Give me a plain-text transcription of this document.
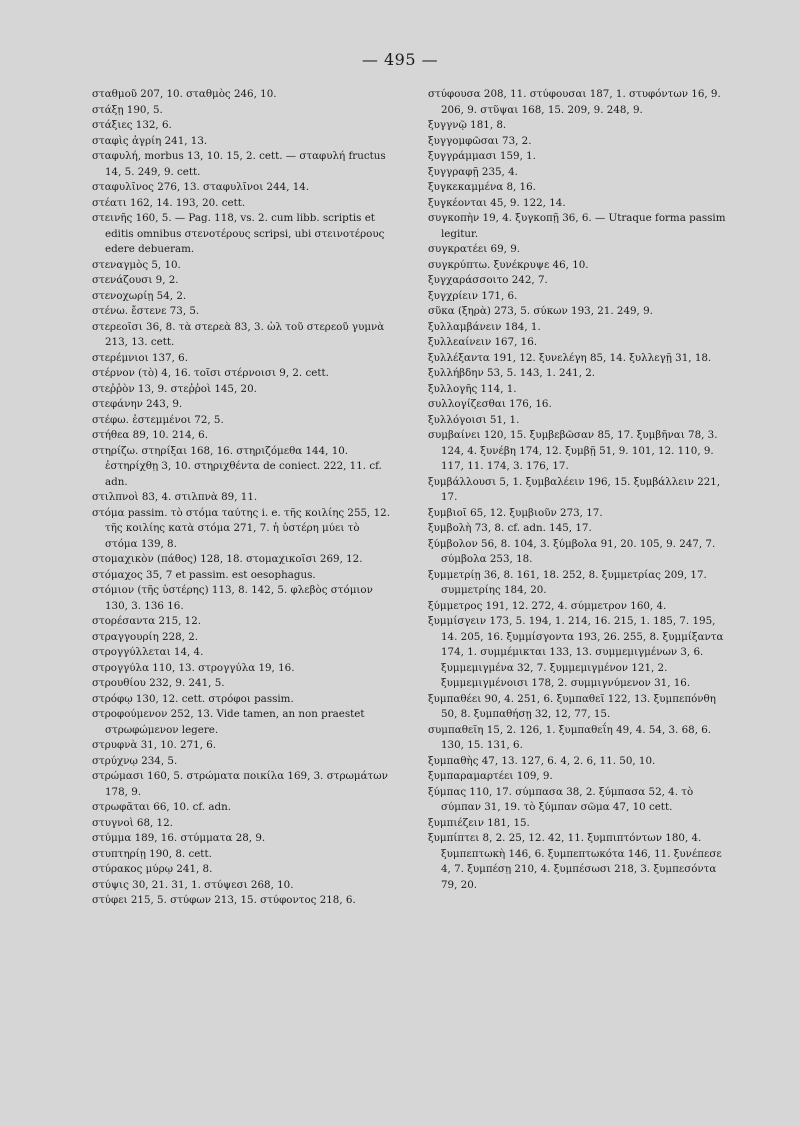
— 495 —

σταθμοῦ 207, 10. σταθμὸς 246, 10.

στάξῃ 190, 5.

στάξιες 132, 6.

σταφὶς ἀγρίη 241, 13.

σταφυλή, morbus 13, 10. 15, 2. cett. — σταφυλή fructus 14, 5. 249, 9. cett.

σταφυλῖνος 276, 13. σταφυλῖνοι 244, 14.

στέατι 162, 14. 193, 20. cett.

στεινῆς 160, 5. — Pag. 118, vs. 2. cum libb. scriptis et editis omnibus στενοτέρους scripsi, ubi στεινοτέρους edere debueram.

στεναγμὸς 5, 10.

στενάζουσι 9, 2.

στενοχωρίῃ 54, 2.

στένω. ἔστενε 73, 5.

στερεοῖσι 36, 8. τὰ στερεὰ 83, 3. ὡλ τοῦ στερεοῦ γυμνὰ 213, 13. cett.

στερέμνιοι 137, 6.

στέρνον (τὸ) 4, 16. τοῖσι στέρνοισι 9, 2. cett.

στεῤῥὸν 13, 9. στεῤῥοὶ 145, 20.

στεφάνην 243, 9.

στέφω. ἐστεμμένοι 72, 5.

στήθεα 89, 10. 214, 6.

στηρίζω. στηρίξαι 168, 16. στηριζόμεθα 144, 10. ἐστηρίχθῃ 3, 10. στηριχθέντα de coniect. 222, 11. cf. adn.

στιλπνοὶ 83, 4. στιλπνὰ 89, 11.

στόμα passim. τὸ στόμα ταύτης i. e. τῆς κοιλίης 255, 12. τῆς κοιλίης κατὰ στόμα 271, 7. ἡ ὑστέρη μύει τὸ στόμα 139, 8.

στομαχικὸν (πάθος) 128, 18. στομαχικοῖσι 269, 12.

στόμαχος 35, 7 et passim. est oesophagus.

στόμιον (τῆς ὑστέρης) 113, 8. 142, 5. φλεβὸς στόμιον 130, 3. 136 16.

στορέσαντα 215, 12.

στραγγουρίη 228, 2.

στρογγύλλεται 14, 4.

στρογγύλα 110, 13. στρογγύλα 19, 16.

στρουθίου 232, 9. 241, 5.

στρόφῳ 130, 12. cett. στρόφοι passim.

στροφούμενον 252, 13. Vide tamen, an non praestet στρωφώμενον legere.

στρυφνὰ 31, 10. 271, 6.

στρύχνῳ 234, 5.

στρώμασι 160, 5. στρώματα ποικίλα 169, 3. στρωμάτων 178, 9.

στρωφᾶται 66, 10. cf. adn.

στυγνοὶ 68, 12.

στύμμα 189, 16. στύμματα 28, 9.

στυπτηρίῃ 190, 8. cett.

στύρακος μύρῳ 241, 8.

στύψις 30, 21. 31, 1. στύψεσι 268, 10.

στύφει 215, 5. στύφων 213, 15. στύφοντος 218, 6.

στύφουσα 208, 11. στύφουσαι 187, 1. στυφόντων 16, 9. 206, 9. στῦψαι 168, 15. 209, 9. 248, 9.

ξυγγνῷ 181, 8.

ξυγγομφῶσαι 73, 2.

ξυγγράμμασι 159, 1.

ξυγγραφῇ 235, 4.

ξυγκεκαμμένα 8, 16.

ξυγκέονται 45, 9. 122, 14.

συγκοπὴν 19, 4. ξυγκοπῇ 36, 6. — Utraque forma passim legitur.

συγκρατέει 69, 9.

συγκρύπτω. ξυνέκρυψε 46, 10.

ξυγχαράσσοιτο 242, 7.

ξυγχρίειν 171, 6.

σῦκα (ξηρὰ) 273, 5. σύκων 193, 21. 249, 9.

ξυλλαμβάνειν 184, 1.

ξυλλεαίνειν 167, 16.

ξυλλέξαντα 191, 12. ξυνελέγη 85, 14. ξυλλεγῇ 31, 18.

ξυλλήβδην 53, 5. 143, 1. 241, 2.

ξυλλογῆς 114, 1.

συλλογίζεσθαι 176, 16.

ξυλλόγοισι 51, 1.

συμβαίνει 120, 15. ξυμβεβῶσαν 85, 17. ξυμβῆναι 78, 3. 124, 4. ξυνέβη 174, 12. ξυμβῇ 51, 9. 101, 12. 110, 9. 117, 11. 174, 3. 176, 17.

ξυμβάλλουσι 5, 1. ξυμβαλέειν 196, 15. ξυμβάλλειν 221, 17.

ξυμβιοῖ 65, 12. ξυμβιοῦν 273, 17.

ξυμβολὴ 73, 8. cf. adn. 145, 17.

ξύμβολον 56, 8. 104, 3. ξύμβολα 91, 20. 105, 9. 247, 7. σύμβολα 253, 18.

ξυμμετρίῃ 36, 8. 161, 18. 252, 8. ξυμμετρίας 209, 17. συμμετρίης 184, 20.

ξύμμετρος 191, 12. 272, 4. σύμμετρον 160, 4.

ξυμμίσγειν 173, 5. 194, 1. 214, 16. 215, 1. 185, 7. 195, 14. 205, 16. ξυμμίσγοντα 193, 26. 255, 8. ξυμμίξαντα 174, 1. συμμέμικται 133, 13. συμμεμιγμένων 3, 6. ξυμμεμιγμένα 32, 7. ξυμμεμιγμένον 121, 2. ξυμμεμιγμένοισι 178, 2. συμμιγνύμενον 31, 16.

ξυμπαθέει 90, 4. 251, 6. ξυμπαθεῖ 122, 13. ξυμπεπόνθη 50, 8. ξυμπαθήσῃ 32, 12, 77, 15.

συμπαθεῖη 15, 2. 126, 1. ξυμπαθεΐη 49, 4. 54, 3. 68, 6. 130, 15. 131, 6.

ξυμπαθὴς 47, 13. 127, 6. 4, 2. 6, 11. 50, 10.

ξυμπαραμαρτέει 109, 9.

ξύμπας 110, 17. σύμπασα 38, 2. ξύμπασα 52, 4. τὸ σύμπαν 31, 19. τὸ ξύμπαν σῶμα 47, 10 cett.

ξυμπιέζειν 181, 15.

ξυμπίπτει 8, 2. 25, 12. 42, 11. ξυμπιπτόντων 180, 4. ξυμπεπτωκὴ 146, 6. ξυμπεπτωκότα 146, 11. ξυνέπεσε 4, 7. ξυμπέσῃ 210, 4. ξυμπέσωσι 218, 3. ξυμπεσόντα 79, 20.
